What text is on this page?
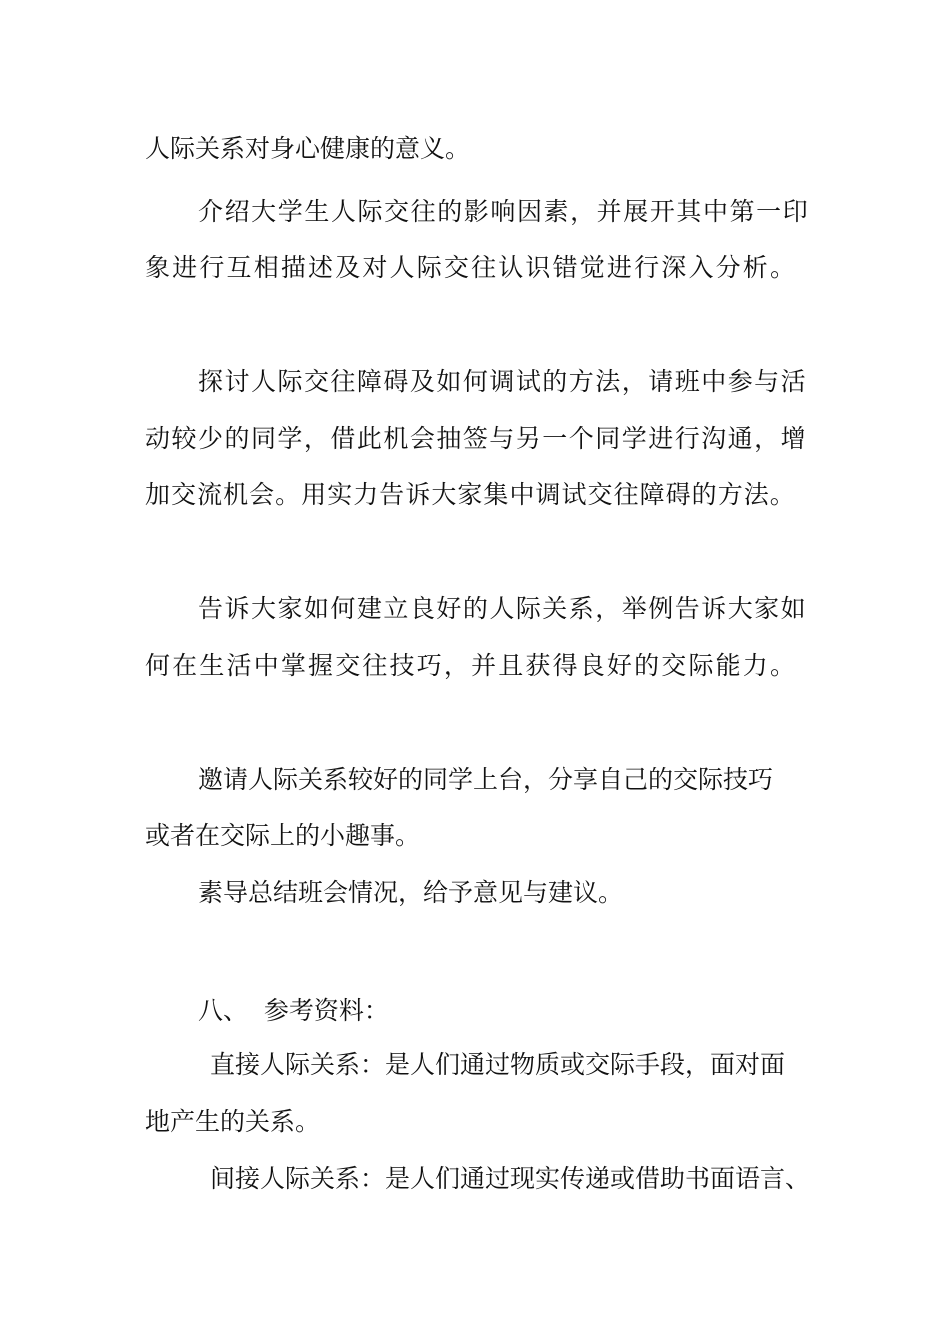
人际关系对身心健康的意义。
介 绍 大 学 生 人 际 交 往 的 影 响 因 素 ， 并 展 开 其 中 第 一 印
象 进 行 互 相 描 述 及 对 人 际 交 往 认 识 错 觉 进 行 深 入 分 析 。
探 讨 人 际 交 往 障 碍 及 如 何 调 试 的 方 法 ， 请 班 中 参 与 活
动 较 少 的 同 学 ， 借 此 机 会 抽 签 与 另 一 个 同 学 进 行 沟 通 ， 增
加 交 流 机 会 。 用 实 力 告 诉 大 家 集 中 调 试 交 往 障 碍 的 方 法 。
告 诉 大 家 如 何 建 立 良 好 的 人 际 关 系 ， 举 例 告 诉 大 家 如
何 在 生 活 中 掌 握 交 往 技 巧 ， 并 且 获 得 良 好 的 交 际 能 力 。
邀请人际关系较好的同学上台，分享自己的交际技巧
或者在交际上的小趣事。
素导总结班会情况，给予意见与建议。
八、  参考资料：
直接人际关系：是人们通过物质或交际手段，面对面
地产生的关系。
间接人际关系：是人们通过现实传递或借助书面语言、
